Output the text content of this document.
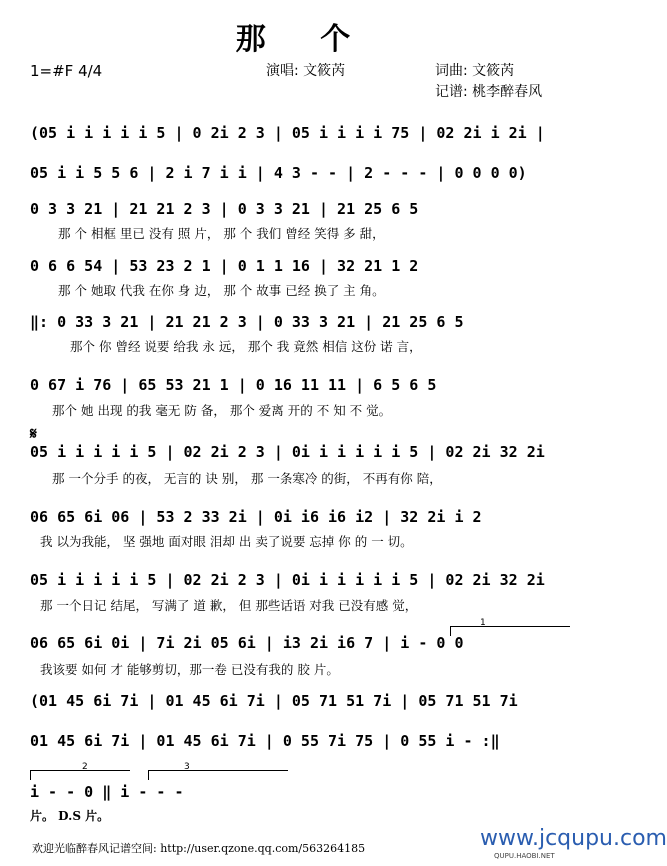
那 个
1=#F 4/4	演唱: 文筱芮	词曲: 文筱芮
记谱: 桃李醉春风
(05 i i i i i 5 | 0 2i 2 3 | 05 i i i i 75 | 02 2i i 2i |
05 i i 5 5 6 | 2 i 7 i i | 4 3 - - | 2 - - - | 0 0 0 0)
0 3 3 21 | 21 21 2 3 | 0 3 3 21 | 21 25 6 5
那 个 相框 里已 没有 照 片， 那 个 我们 曾经 笑得 多 甜，
0 6 6 54 | 53 23 2 1 | 0 1 1 16 | 32 21 1 2
那 个 她取 代我 在你 身 边， 那 个 故事 已经 换了 主 角。
‖: 0 33 3 21 | 21 21 2 3 | 0 33 3 21 | 21 25 6 5
那个 你 曾经 说要 给我 永 远， 那个 我 竟然 相信 这份 诺 言，
0 67 i 76 | 65 53 21 1 | 0 16 11 11 | 6 5 6 5
那个 她 出现 的我 毫无 防 备， 那个 爱离 开的 不 知 不 觉。
𝄋
05 i i i i i 5 | 02 2i 2 3 | 0i i i i i i 5 | 02 2i 32 2i
那 一个分手 的夜， 无言的 诀 别， 那 一条寒冷 的街， 不再有你 陪，
06 65 6i 06 | 53 2 33 2i | 0i i6 i6 i2 | 32 2i i 2
我 以为我能， 坚 强地 面对眼 泪却 出 卖了说要 忘掉 你 的 一 切。
05 i i i i i 5 | 02 2i 2 3 | 0i i i i i i 5 | 02 2i 32 2i
那 一个日记 结尾， 写满了 道 歉， 但 那些话语 对我 已没有感 觉，
1
06 65 6i 0i | 7i 2i 05 6i | i3 2i i6 7 | i - 0 0
我该要 如何 才 能够剪切，那一卷 已没有我的 胶 片。
(01 45 6i 7i | 01 45 6i 7i | 05 71 51 7i | 05 71 51 7i
01 45 6i 7i | 01 45 6i 7i | 0 55 7i 75 | 0 55 i - :‖
2	3
i - - 0 ‖ i - - -
片。 D.S 片。
欢迎光临醉春风记谱空间: http://user.qzone.qq.com/563264185	www.jcqupu.com
QUPU.HAOBI.NET
